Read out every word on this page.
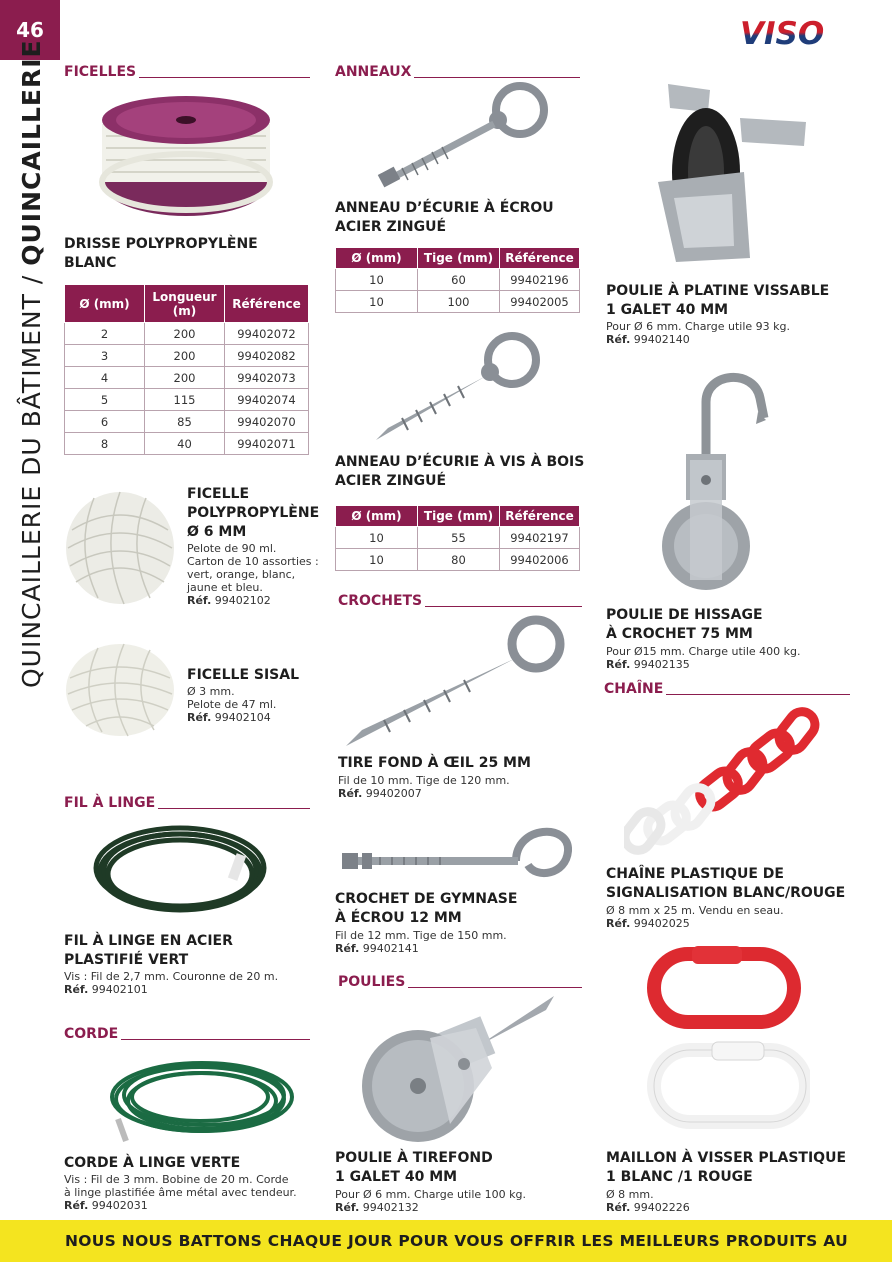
46
QUINCAILLERIE DU BÂTIMENT / QUINCAILLERIE
VISO
FICELLES
DRISSE POLYPROPYLÈNE
BLANC
Ø (mm)	Longueur (m)	Référence
2	200	99402072
3	200	99402082
4	200	99402073
5	115	99402074
6	85	99402070
8	40	99402071
FICELLE
POLYPROPYLÈNE
Ø 6 MM
Pelote de 90 ml.
Carton de 10 assorties :
vert, orange, blanc,
jaune et bleu.
Réf. 99402102
FICELLE SISAL
Ø 3 mm.
Pelote de 47 ml.
Réf. 99402104
FIL À LINGE
FIL À LINGE EN ACIER
PLASTIFIÉ VERT
Vis : Fil de 2,7 mm. Couronne de 20 m.
Réf. 99402101
CORDE
CORDE À LINGE VERTE
Vis : Fil de 3 mm. Bobine de 20 m. Corde
à linge plastifiée âme métal avec tendeur.
Réf. 99402031
ANNEAUX
ANNEAU D’ÉCURIE À ÉCROU
ACIER ZINGUÉ
Ø (mm)	Tige (mm)	Référence
10	60	99402196
10	100	99402005
ANNEAU D’ÉCURIE À VIS À BOIS
ACIER ZINGUÉ
Ø (mm)	Tige (mm)	Référence
10	55	99402197
10	80	99402006
CROCHETS
TIRE FOND À ŒIL 25 MM
Fil de 10 mm. Tige de 120 mm.
Réf. 99402007
CROCHET DE GYMNASE
À ÉCROU 12 MM
Fil de 12 mm. Tige de 150 mm.
Réf. 99402141
POULIES
POULIE À TIREFOND
1 GALET 40 MM
Pour Ø 6 mm. Charge utile 100 kg.
Réf. 99402132
POULIE À PLATINE VISSABLE
1 GALET 40 MM
Pour Ø 6 mm. Charge utile 93 kg.
Réf. 99402140
POULIE DE HISSAGE
À CROCHET 75 MM
Pour Ø15 mm. Charge utile 400 kg.
Réf. 99402135
CHAÎNE
CHAÎNE PLASTIQUE DE
SIGNALISATION BLANC/ROUGE
Ø 8 mm x 25 m. Vendu en seau.
Réf. 99402025
MAILLON À VISSER PLASTIQUE
1 BLANC /1 ROUGE
Ø 8 mm.
Réf. 99402226
NOUS NOUS BATTONS CHAQUE JOUR POUR VOUS OFFRIR LES MEILLEURS PRODUITS AU
